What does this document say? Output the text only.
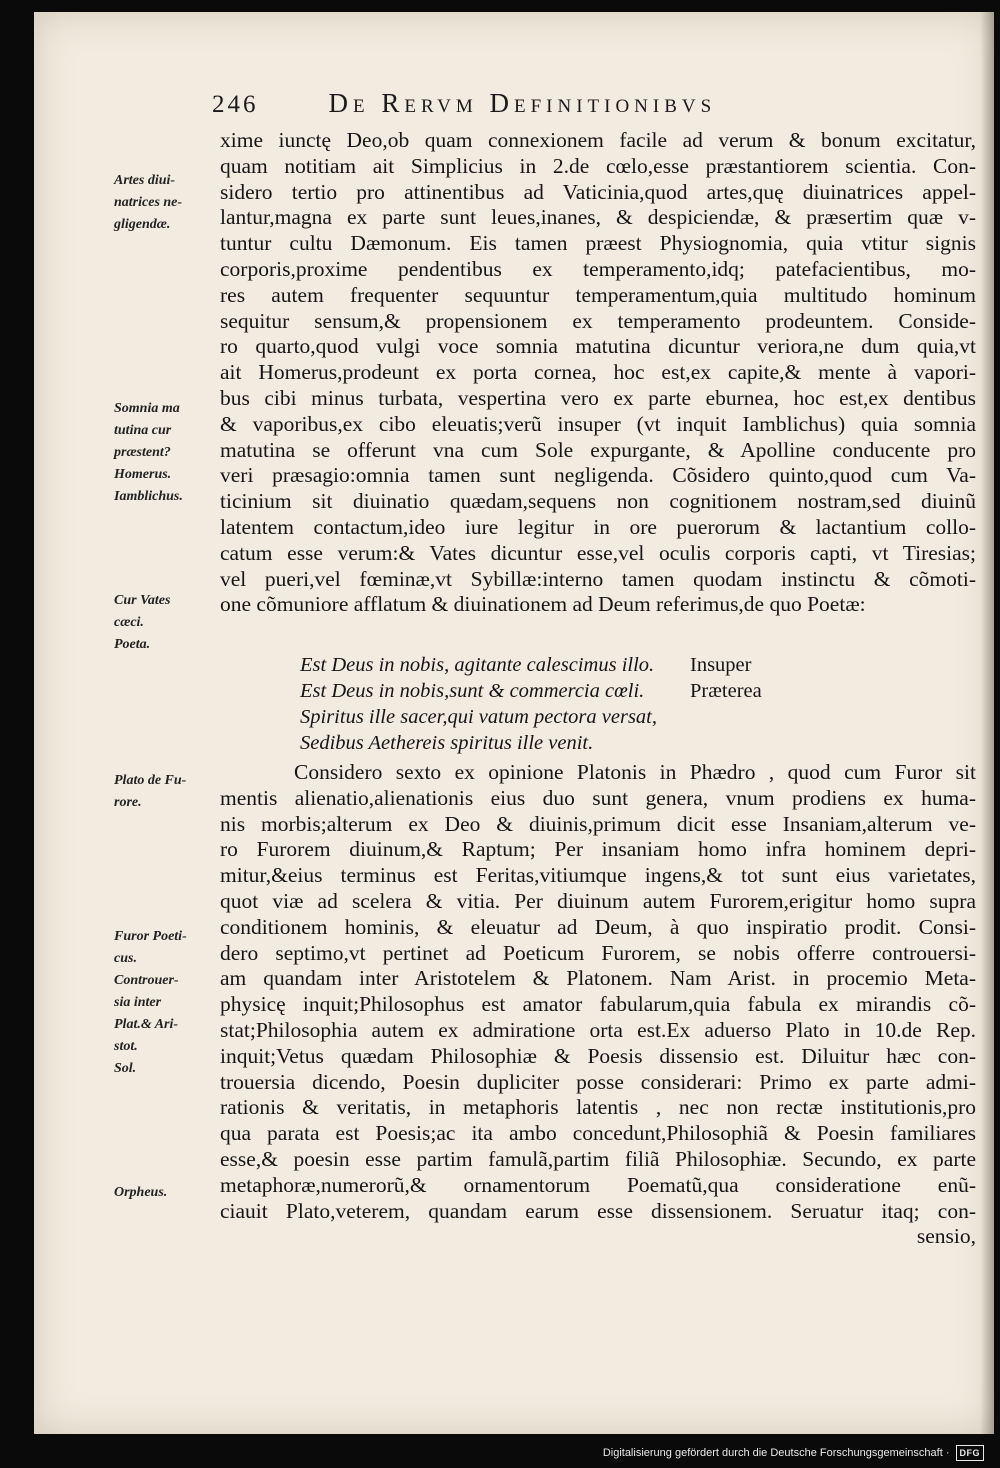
246	De Rervm Definitionibvs
Artes diui-
natrices ne-
gligendæ.
Somnia ma
tutina cur
præstent?
Homerus.
Iamblichus.
Cur Vates
cæci.
Poeta.
Plato de Fu-
rore.
Furor Poeti-
cus.
Controuer-
sia inter
Plat.& Ari-
stot.
Sol.
Orpheus.
xime iunctę Deo,ob quam connexionem facile ad verum & bonum excitatur,
quam notitiam ait Simplicius in 2.de cœlo,esse præstantiorem scientia. Con-
sidero tertio pro attinentibus ad Vaticinia,quod artes,quę diuinatrices appel-
lantur,magna ex parte sunt leues,inanes, & despiciendæ, & præsertim quæ v-
tuntur cultu Dæmonum. Eis tamen præest Physiognomia, quia vtitur signis
corporis,proxime pendentibus ex temperamento,idq; patefacientibus, mo-
res autem frequenter sequuntur temperamentum,quia multitudo hominum
sequitur sensum,& propensionem ex temperamento prodeuntem. Conside-
ro quarto,quod vulgi voce somnia matutina dicuntur veriora,ne dum quia,vt
ait Homerus,prodeunt ex porta cornea, hoc est,ex capite,& mente à vapori-
bus cibi minus turbata, vespertina vero ex parte eburnea, hoc est,ex dentibus
& vaporibus,ex cibo eleuatis;verũ insuper (vt inquit Iamblichus) quia somnia
matutina se offerunt vna cum Sole expurgante, & Apolline conducente pro
veri præsagio:omnia tamen sunt negligenda. Cõsidero quinto,quod cum Va-
ticinium sit diuinatio quædam,sequens non cognitionem nostram,sed diuinũ
latentem contactum,ideo iure legitur in ore puerorum & lactantium collo-
catum esse verum:& Vates dicuntur esse,vel oculis corporis capti, vt Tiresias;
vel pueri,vel fœminæ,vt Sybillæ:interno tamen quodam instinctu & cõmoti-
one cõmuniore afflatum & diuinationem ad Deum referimus,de quo Poetæ:
Est Deus in nobis, agitante calescimus illo. Insuper
Est Deus in nobis,sunt & commercia cœli. Præterea
Spiritus ille sacer,qui vatum pectora versat,
Sedibus Aethereis spiritus ille venit.
Considero sexto ex opinione Platonis in Phædro , quod cum Furor sit
mentis alienatio,alienationis eius duo sunt genera, vnum prodiens ex huma-
nis morbis;alterum ex Deo & diuinis,primum dicit esse Insaniam,alterum ve-
ro Furorem diuinum,& Raptum; Per insaniam homo infra hominem depri-
mitur,&eius terminus est Feritas,vitiumque ingens,& tot sunt eius varietates,
quot viæ ad scelera & vitia. Per diuinum autem Furorem,erigitur homo supra
conditionem hominis, & eleuatur ad Deum, à quo inspiratio prodit. Consi-
dero septimo,vt pertinet ad Poeticum Furorem, se nobis offerre controuersi-
am quandam inter Aristotelem & Platonem. Nam Arist. in procemio Meta-
physicę inquit;Philosophus est amator fabularum,quia fabula ex mirandis cõ-
stat;Philosophia autem ex admiratione orta est.Ex aduerso Plato in 10.de Rep.
inquit;Vetus quædam Philosophiæ & Poesis dissensio est. Diluitur hæc con-
trouersia dicendo, Poesin dupliciter posse considerari: Primo ex parte admi-
rationis & veritatis, in metaphoris latentis , nec non rectæ institutionis,pro
qua parata est Poesis;ac ita ambo concedunt,Philosophiã & Poesin familiares
esse,& poesin esse partim famulã,partim filiã Philosophiæ. Secundo, ex parte
metaphoræ,numerorũ,& ornamentorum Poematũ,qua consideratione enũ-
ciauit Plato,veterem, quandam earum esse dissensionem. Seruatur itaq; con-
sensio,
Digitalisierung gefördert durch die Deutsche Forschungsgemeinschaft ·	DFG
